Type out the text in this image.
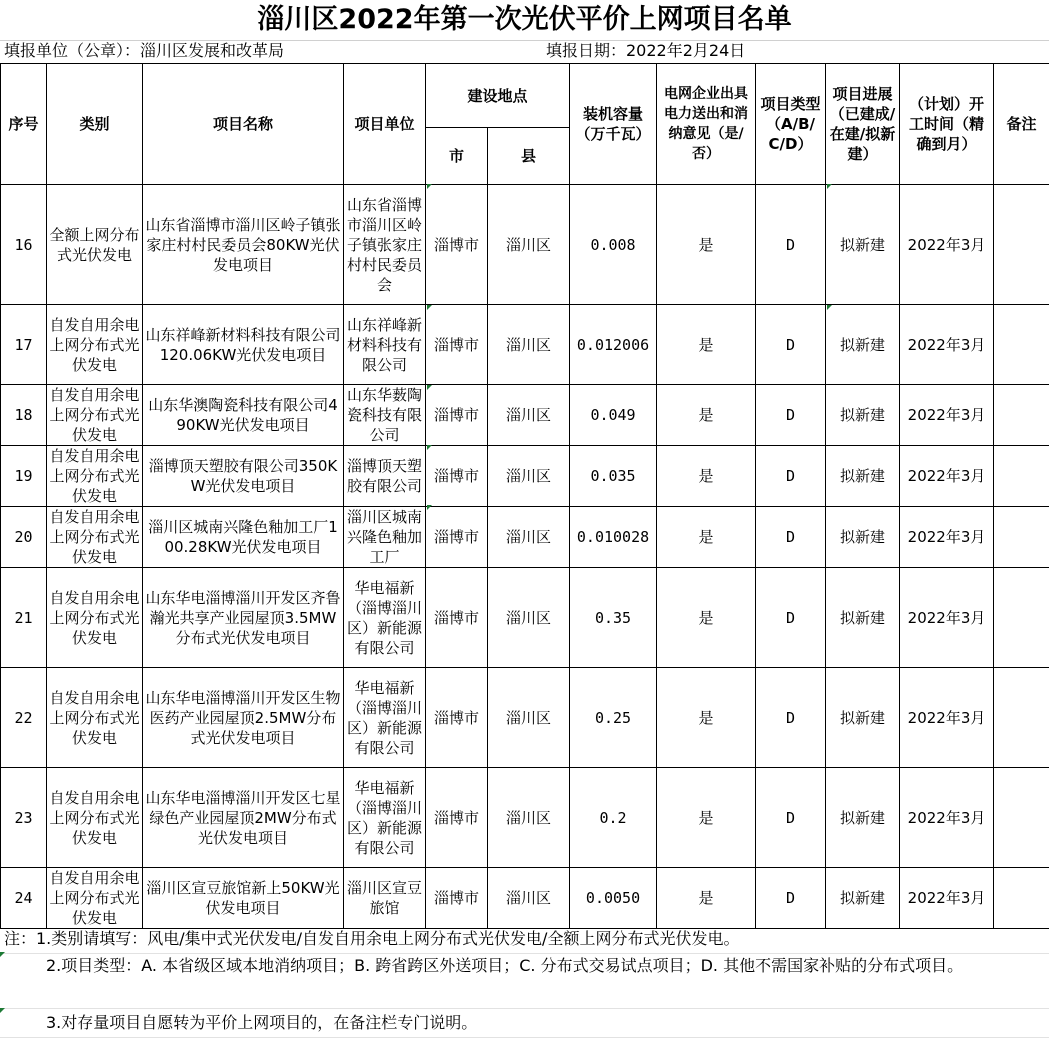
淄川区2022年第一次光伏平价上网项目名单
填报单位（公章）：淄川区发展和改革局	填报日期：2022年2月24日
序号	类别	项目名称	项目单位	建设地点		装机容量（万千瓦）	电网企业出具电力送出和消纳意见（是/否）	项目类型（A/B/C/D）	项目进展（已建成/在建/拟新建）	（计划）开工时间（精确到月）	备注
				市	县						
16	全额上网分布式光伏发电	山东省淄博市淄川区岭子镇张家庄村村民委员会80KW光伏发电项目	山东省淄博市淄川区岭子镇张家庄村村民委员会	淄博市	淄川区	0.008	是	D	拟新建	2022年3月	
17	自发自用余电上网分布式光伏发电	山东祥峰新材料科技有限公司120.06KW光伏发电项目	山东祥峰新材料科技有限公司	淄博市	淄川区	0.012006	是	D	拟新建	2022年3月	
18	自发自用余电上网分布式光伏发电	山东华澳陶瓷科技有限公司490KW光伏发电项目	山东华薮陶瓷科技有限公司	淄博市	淄川区	0.049	是	D	拟新建	2022年3月	
19	自发自用余电上网分布式光伏发电	淄博顶天塑胶有限公司350KW光伏发电项目	淄博顶天塑胶有限公司	淄博市	淄川区	0.035	是	D	拟新建	2022年3月	
20	自发自用余电上网分布式光伏发电	淄川区城南兴隆色釉加工厂100.28KW光伏发电项目	淄川区城南兴隆色釉加工厂	淄博市	淄川区	0.010028	是	D	拟新建	2022年3月	
21	自发自用余电上网分布式光伏发电	山东华电淄博淄川开发区齐鲁瀚光共享产业园屋顶3.5MW分布式光伏发电项目	华电福新（淄博淄川区）新能源有限公司	淄博市	淄川区	0.35	是	D	拟新建	2022年3月	
22	自发自用余电上网分布式光伏发电	山东华电淄博淄川开发区生物医药产业园屋顶2.5MW分布式光伏发电项目	华电福新（淄博淄川区）新能源有限公司	淄博市	淄川区	0.25	是	D	拟新建	2022年3月	
23	自发自用余电上网分布式光伏发电	山东华电淄博淄川开发区七星绿色产业园屋顶2MW分布式光伏发电项目	华电福新（淄博淄川区）新能源有限公司	淄博市	淄川区	0.2	是	D	拟新建	2022年3月	
24	自发自用余电上网分布式光伏发电	淄川区宣豆旅馆新上50KW光伏发电项目	淄川区宣豆旅馆	淄博市	淄川区	0.0050	是	D	拟新建	2022年3月	
注：1.类别请填写：风电/集中式光伏发电/自发自用余电上网分布式光伏发电/全额上网分布式光伏发电。
2.项目类型：A. 本省级区域本地消纳项目；B. 跨省跨区外送项目；C. 分布式交易试点项目；D. 其他不需国家补贴的分布式项目。
3.对存量项目自愿转为平价上网项目的，在备注栏专门说明。
